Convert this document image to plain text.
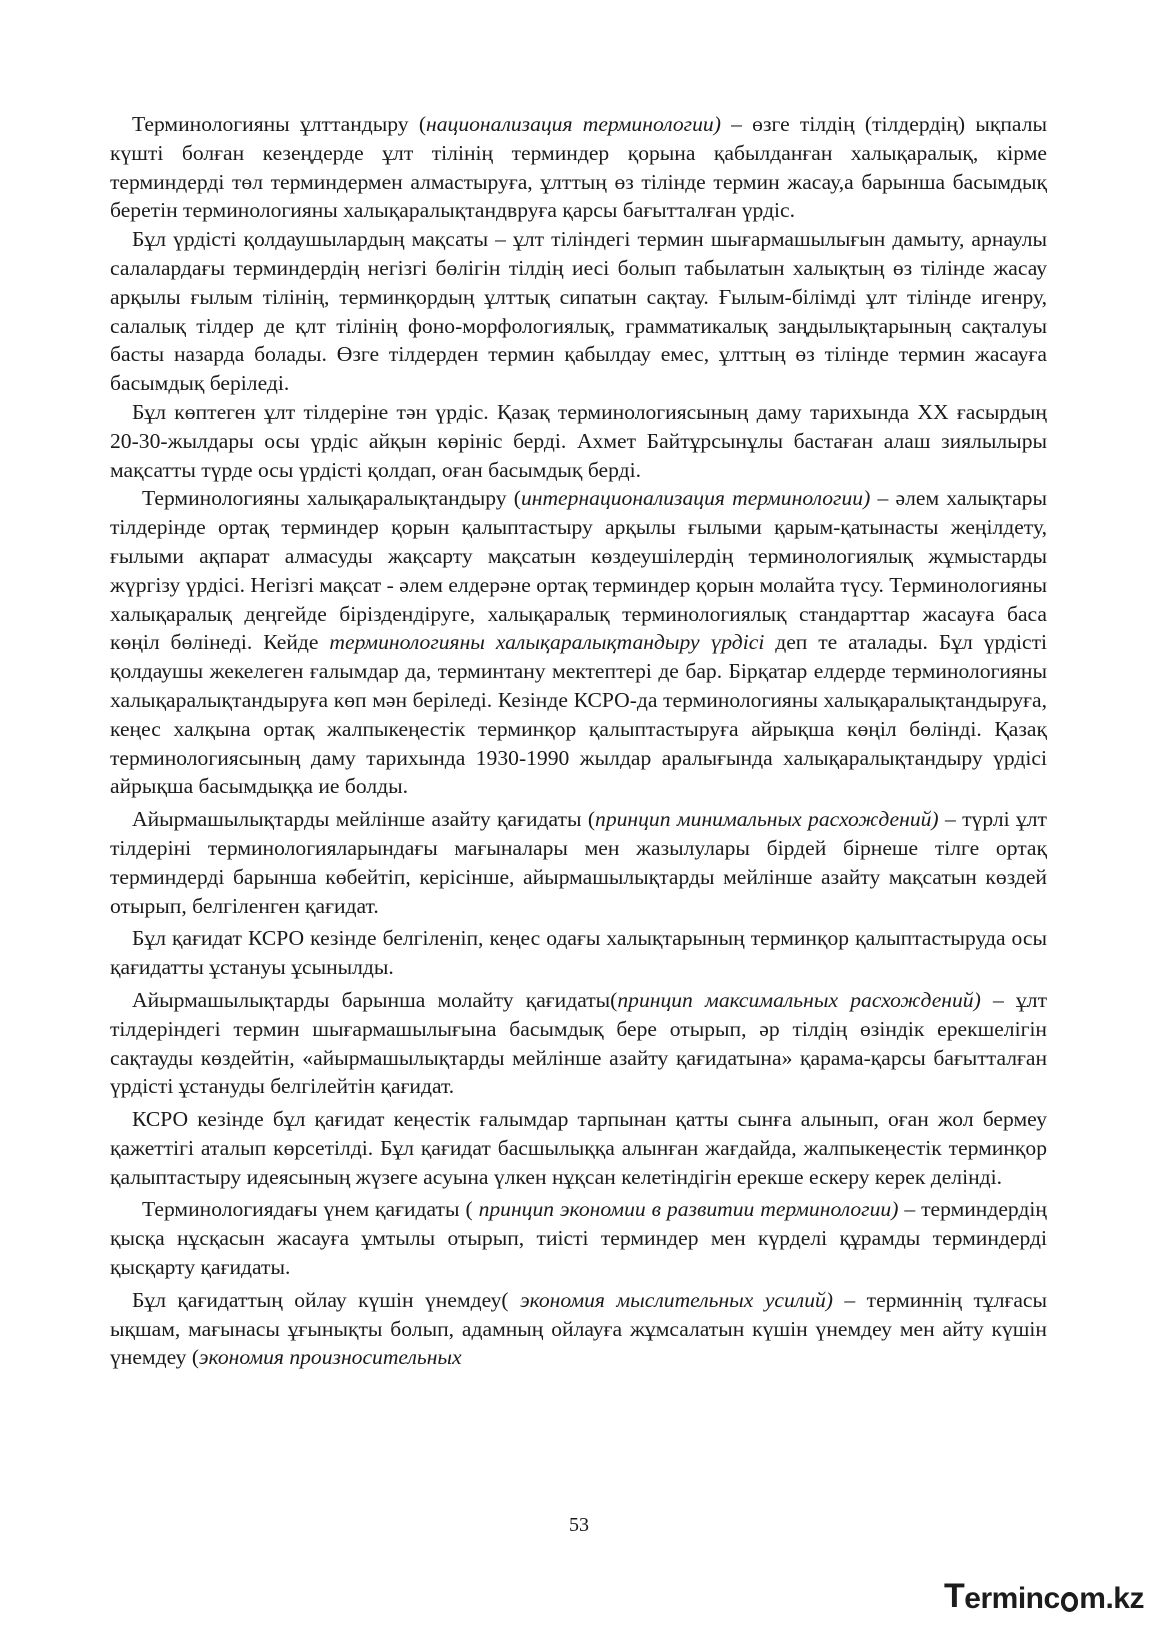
Терминологияны ұлттандыру (национализация терминологии) – өзге тілдің (тілдердің) ықпалы күшті болған кезеңдерде ұлт тілінің терминдер қорына қабылданған халықаралық, кірме терминдерді төл терминдермен алмастыруға, ұлттың өз тілінде термин жасау,а барынша басымдық беретін терминологияны халықаралықтандвруға қарсы бағытталған үрдіс.

Бұл үрдісті қолдаушылардың мақсаты – ұлт тіліндегі термин шығармашылығын дамыту, арнаулы салалардағы терминдердің негізгі бөлігін тілдің иесі болып табылатын халықтың өз тілінде жасау арқылы ғылым тілінің, терминқордың ұлттық сипатын сақтау. Ғылым-білімді ұлт тілінде игенру, салалық тілдер де қлт тілінің фоно-морфологиялық, грамматикалық заңдылықтарының сақталуы басты назарда болады. Өзге тілдерден термин қабылдау емес, ұлттың өз тілінде термин жасауға басымдық беріледі.

Бұл көптеген ұлт тілдеріне тән үрдіс. Қазақ терминологиясының даму тарихында XX ғасырдың 20-30-жылдары осы үрдіс айқын көрініс берді. Ахмет Байтұрсынұлы бастаған алаш зиялылыры мақсатты түрде осы үрдісті қолдап, оған басымдық берді.

Терминологияны халықаралықтандыру (интернационализация терминологии) – әлем халықтары тілдерінде ортақ терминдер қорын қалыптастыру арқылы ғылыми қарым-қатынасты жеңілдету, ғылыми ақпарат алмасуды жақсарту мақсатын көздеушілердің терминологиялық жұмыстарды жүргізу үрдісі. Негізгі мақсат - әлем елдерәне ортақ терминдер қорын молайта түсу. Терминологияны халықаралық деңгейде біріздендіруге, халықаралық терминологиялық стандарттар жасауға баса көңіл бөлінеді. Кейде терминологияны халықаралықтандыру үрдісі деп те аталады. Бұл үрдісті қолдаушы жекелеген ғалымдар да, терминтану мектептері де бар. Бірқатар елдерде терминологияны халықаралықтандыруға көп мән беріледі. Кезінде КСРО-да терминологияны халықаралықтандыруға, кеңес халқына ортақ жалпыкеңестік терминқор қалыптастыруға айрықша көңіл бөлінді. Қазақ терминологиясының даму тарихында 1930-1990 жылдар аралығында халықаралықтандыру үрдісі айрықша басымдыққа ие болды.

Айырмашылықтарды мейлінше азайту қағидаты (принцип минимальных расхождений) – түрлі ұлт тілдеріні терминологияларындағы мағыналары мен жазылулары бірдей бірнеше тілге ортақ терминдерді барынша көбейтіп, керісінше, айырмашылықтарды мейлінше азайту мақсатын көздей отырып, белгіленген қағидат.

Бұл қағидат КСРО кезінде белгіленіп, кеңес одағы халықтарының терминқор қалыптастыруда осы қағидатты ұстануы ұсынылды.

Айырмашылықтарды барынша молайту қағидаты(принцип максимальных расхождений) – ұлт тілдеріндегі термин шығармашылығына басымдық бере отырып, әр тілдің өзіндік ерекшелігін сақтауды көздейтін, «айырмашылықтарды мейлінше азайту қағидатына» қарама-қарсы бағытталған үрдісті ұстануды белгілейтін қағидат.

КСРО кезінде бұл қағидат кеңестік ғалымдар тарпынан қатты сынға алынып, оған жол бермеу қажеттігі аталып көрсетілді. Бұл қағидат басшылыққа алынған жағдайда, жалпыкеңестік терминқор қалыптастыру идеясының жүзеге асуына үлкен нұқсан келетіндігін ерекше ескеру керек делінді.

Терминологиядағы үнем қағидаты ( принцип экономии в развитии терминологии) – терминдердің қысқа нұсқасын жасауға ұмтылы отырып, тиісті терминдер мен күрделі құрамды терминдерді қысқарту қағидаты.

Бұл қағидаттың ойлау күшін үнемдеу( экономия мыслительных усилий) – терминнің тұлғасы ықшам, мағынасы ұғынықты болып, адамның ойлауға жұмсалатын күшін үнемдеу мен айту күшін үнемдеу (экономия произносительных

53
T erminc m.kz
